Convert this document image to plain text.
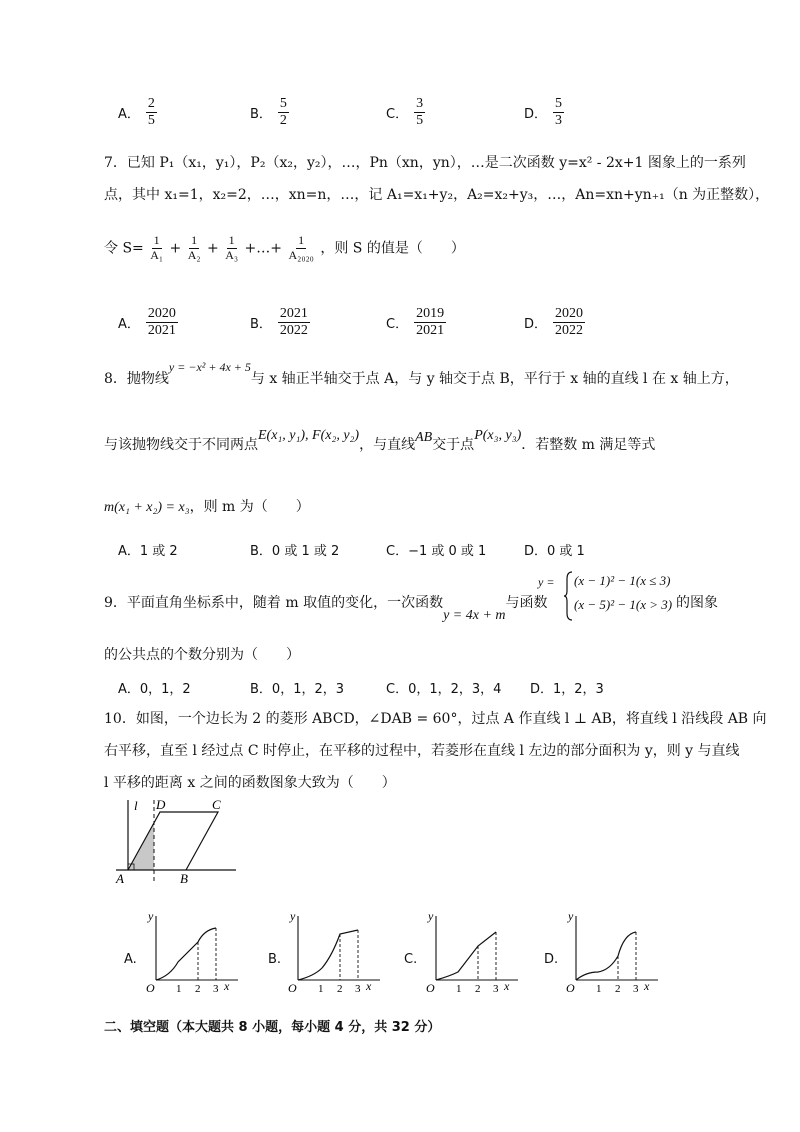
A． $\frac{2}{5}$	B． $\frac{5}{2}$	C． $\frac{3}{5}$	D． $\frac{5}{3}$
7．已知 P₁（x₁，y₁），P₂（x₂，y₂），…，Pn（xn，yn），…是二次函数 y=x² - 2x+1 图象上的一系列
点，其中 x₁=1，x₂=2，…，xn=n，…，记 A₁=x₁+y₂，A₂=x₂+y₃，…，An=xn+yn₊₁（n 为正整数），
令 $S= \frac{1}{\text{A₁}} + \frac{1}{\text{A₂}} + \frac{1}{\text{A₃}}$ +…+ $\frac{1}{\text{A₂₀₂₀}}$ ，则 S 的值是（　　）
A． $\frac{2020}{2021}$	B． $\frac{2021}{2022}$	C． $\frac{2019}{2021}$	D． $\frac{2020}{2022}$
8．抛物线y = −x² + 4x + 5与 x 轴正半轴交于点 A，与 y 轴交于点 B，平行于 x 轴的直线 l 在 x 轴上方，
与该抛物线交于不同两点E(x₁, y₁), F(x₂, y₂)，与直线AB交于点P(x₃, y₃)．若整数 m 满足等式
m(x₁ + x₂) = x₃，则 m 为（　　）
A．1 或 2	B．0 或 1 或 2	C．−1 或 0 或 1	D．0 或 1
9．平面直角坐标系中，随着 m 取值的变化，一次函数y = 4x + m与函数
y = (x − 1)² − 1(x ≤ 3)
(x − 5)² − 1(x > 3) 的图象
的公共点的个数分别为（　　）
A．0，1，2	B．0，1，2，3	C．0，1，2，3，4 D．1，2，3
10．如图，一个边长为 2 的菱形 ABCD，∠DAB = 60°，过点 A 作直线 l ⊥ AB，将直线 l 沿线段 AB 向
右平移，直至 l 经过点 C 时停止，在平移的过程中，若菱形在直线 l 左边的部分面积为 y，则 y 与直线
l 平移的距离 x 之间的函数图象大致为（　　）
l D	C
A	B
A.
y
O 1 2 3 x
B.
y
O 1 2 3 x
C.
y
O 1 2 3 x
D.
y
O 1 2 3 x
二、填空题（本大题共 8 小题，每小题 4 分，共 32 分）
